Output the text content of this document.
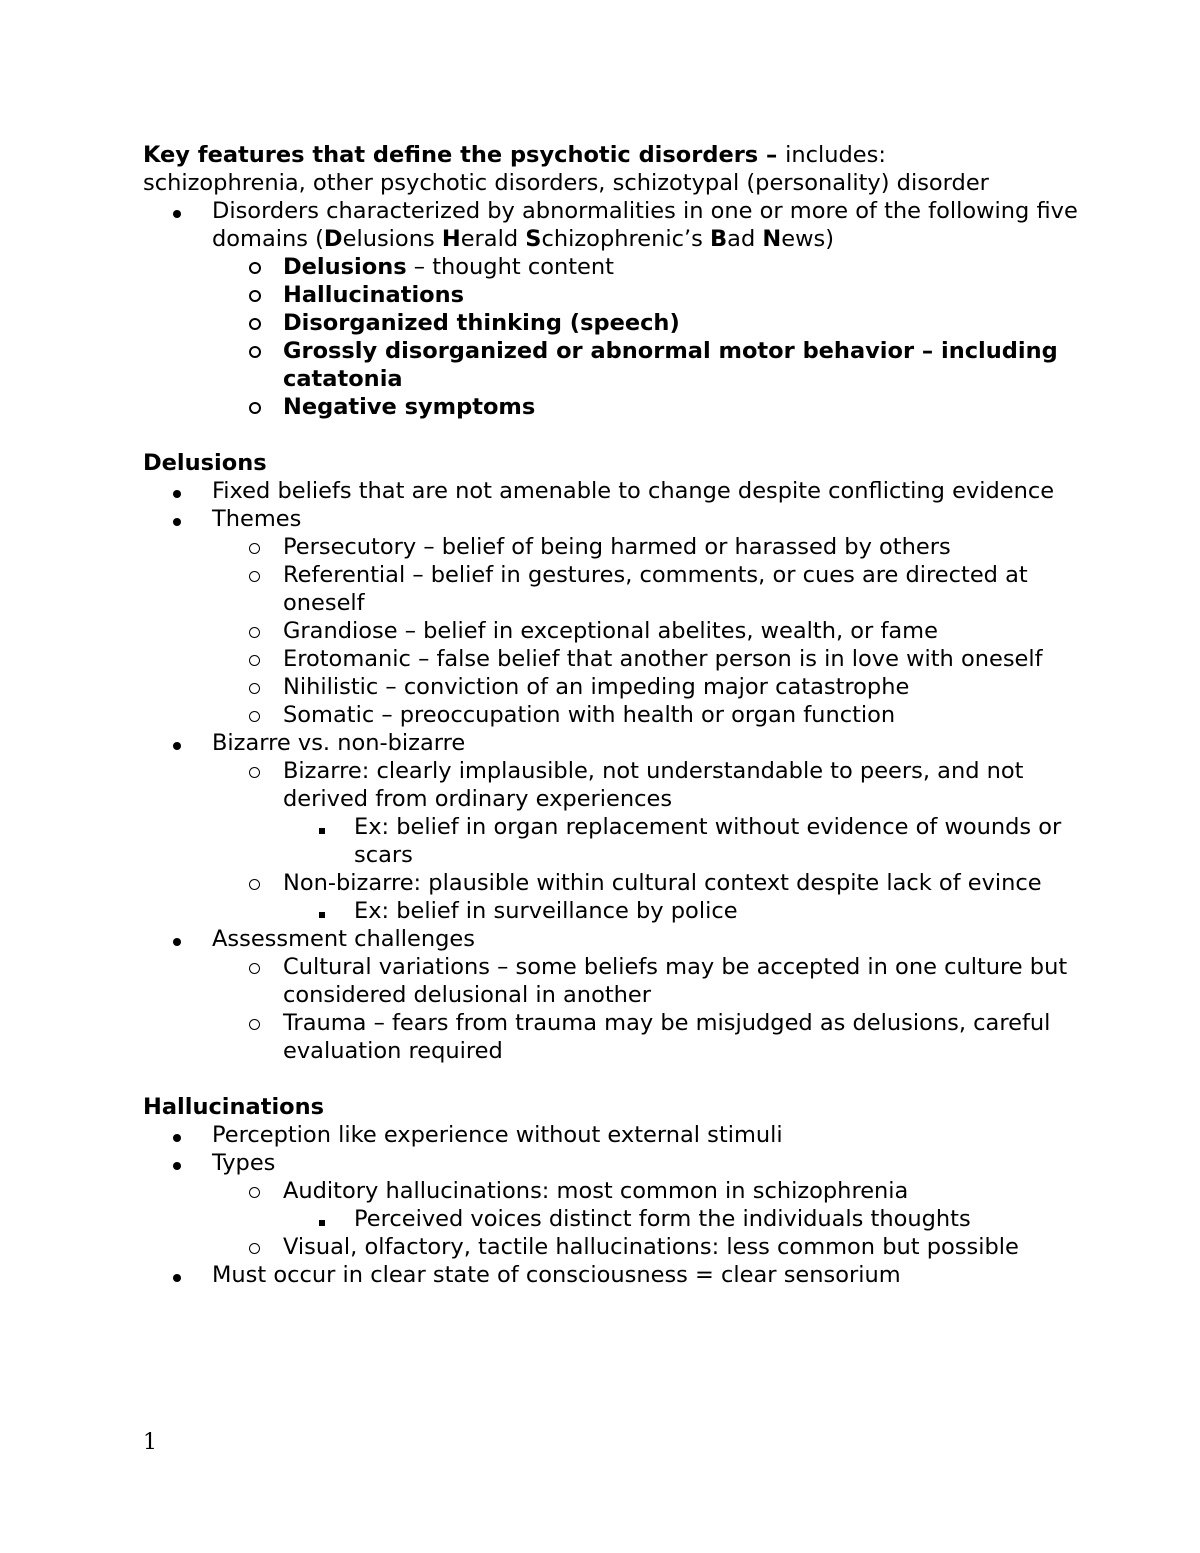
Key features that define the psychotic disorders – includes:
schizophrenia, other psychotic disorders, schizotypal (personality) disorder

Disorders characterized by abnormalities in one or more of the following five domains (Delusions Herald Schizophrenic’s Bad News)
Delusions – thought content
Hallucinations
Disorganized thinking (speech)
Grossly disorganized or abnormal motor behavior – including catatonia
Negative symptoms
Delusions
Fixed beliefs that are not amenable to change despite conflicting evidence
Themes
Persecutory – belief of being harmed or harassed by others
Referential – belief in gestures, comments, or cues are directed at oneself
Grandiose – belief in exceptional abelites, wealth, or fame
Erotomanic – false belief that another person is in love with oneself
Nihilistic – conviction of an impeding major catastrophe
Somatic – preoccupation with health or organ function
Bizarre vs. non-bizarre
Bizarre: clearly implausible, not understandable to peers, and not derived from ordinary experiences
Ex: belief in organ replacement without evidence of wounds or scars
Non-bizarre: plausible within cultural context despite lack of evince
Ex: belief in surveillance by police
Assessment challenges
Cultural variations – some beliefs may be accepted in one culture but considered delusional in another
Trauma – fears from trauma may be misjudged as delusions, careful evaluation required
Hallucinations
Perception like experience without external stimuli
Types
Auditory hallucinations: most common in schizophrenia
Perceived voices distinct form the individuals thoughts
Visual, olfactory, tactile hallucinations: less common but possible
Must occur in clear state of consciousness = clear sensorium
1
